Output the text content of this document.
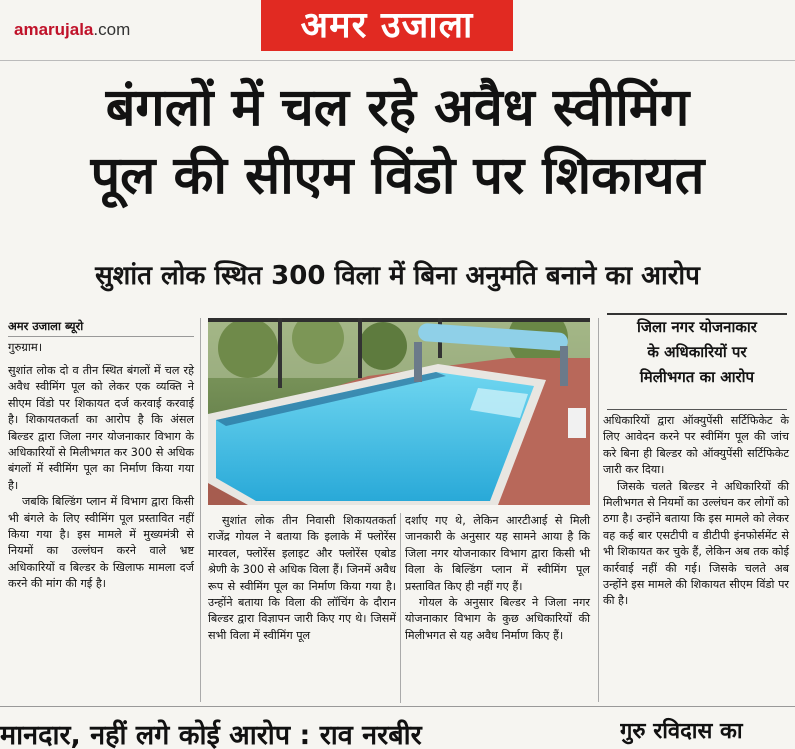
amarujala.com	अमर उजाला
बंगलों में चल रहे अवैध स्वीमिंग
पूल की सीएम विंडो पर शिकायत
सुशांत लोक स्थित 300 विला में बिना अनुमति बनाने का आरोप
अमर उजाला ब्यूरो
गुरुग्राम।

सुशांत लोक दो व तीन स्थित बंगलों में चल रहे अवैध स्वीमिंग पूल को लेकर एक व्यक्ति ने सीएम विंडो पर शिकायत दर्ज करवाई करवाई है। शिकायतकर्ता का आरोप है कि अंसल बिल्डर द्वारा जिला नगर योजनाकार विभाग के अधिकारियों से मिलीभगत कर 300 से अधिक बंगलों में स्वीमिंग पूल का निर्माण किया गया है।

जबकि बिल्डिंग प्लान में विभाग द्वारा किसी भी बंगले के लिए स्वीमिंग पूल प्रस्तावित नहीं किया गया है। इस मामले में मुख्यमंत्री से नियमों का उल्लंघन करने वाले भ्रष्ट अधिकारियों व बिल्डर के खिलाफ मामला दर्ज करने की मांग की गई है।

सुशांत लोक तीन निवासी शिकायतकर्ता राजेंद्र गोयल ने बताया कि इलाके में फ्लोरेंस मारवल, फ्लोरेंस इलाइट और फ्लोरेंस एबोड श्रेणी के 300 से अधिक विला हैं। जिनमें अवैध रूप से स्वीमिंग पूल का निर्माण किया गया है। उन्होंने बताया कि विला की लॉचिंग के दौरान बिल्डर द्वारा विज्ञापन जारी किए गए थे। जिसमें सभी विला में स्वीमिंग पूल

दर्शाए गए थे, लेकिन आरटीआई से मिली जानकारी के अनुसार यह सामने आया है कि जिला नगर योजनाकार विभाग द्वारा किसी भी विला के बिल्डिंग प्लान में स्वीमिंग पूल प्रस्तावित किए ही नहीं गए हैं।

गोयल के अनुसार बिल्डर ने जिला नगर योजनाकार विभाग के कुछ अधिकारियों की मिलीभगत से यह अवैध निर्माण किए हैं।

जिला नगर योजनाकार
के अधिकारियों पर
मिलीभगत का आरोप

अधिकारियों द्वारा ऑक्युपेंसी सर्टिफिकेट के लिए आवेदन करने पर स्वीमिंग पूल की जांच करे बिना ही बिल्डर को ऑक्युपेंसी सर्टिफिकेट जारी कर दिया।

जिसके चलते बिल्डर ने अधिकारियों की मिलीभगत से नियमों का उल्लंघन कर लोगों को ठगा है। उन्होंने बताया कि इस मामले को लेकर वह कई बार एसटीपी व डीटीपी इंनफोर्समेंट से भी शिकायत कर चुके हैं, लेकिन अब तक कोई कार्रवाई नहीं की गई। जिसके चलते अब उन्होंने इस मामले की शिकायत सीएम विंडो पर की है।

मानदार, नहीं लगे कोई आरोप : राव नरबीर	गुरु रविदास का
